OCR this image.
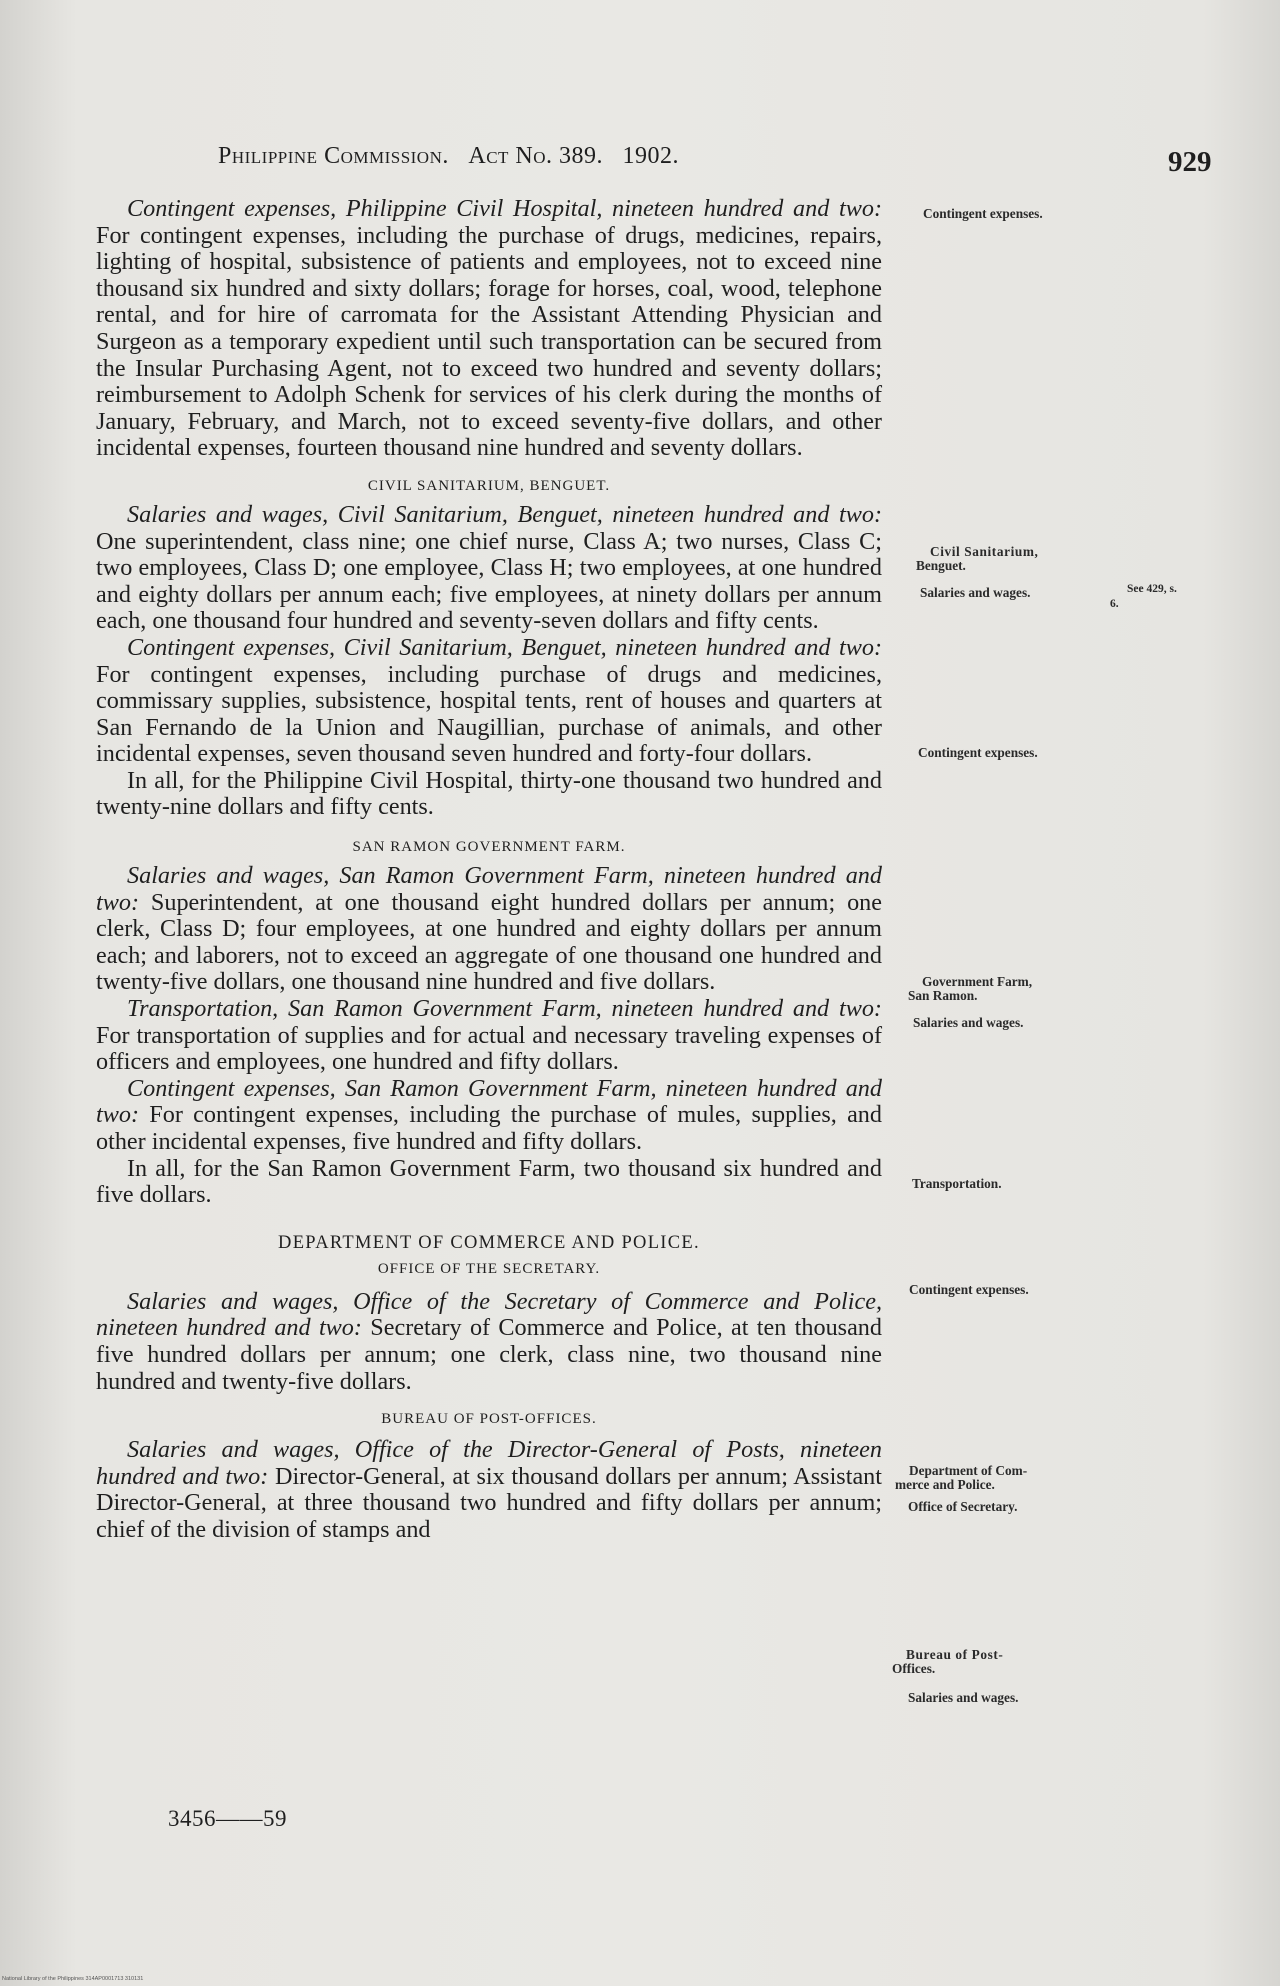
Philippine Commission. Act No. 389. 1902.	929

Contingent expenses, Philippine Civil Hospital, nineteen hundred and two: For contingent expenses, including the purchase of drugs, medicines, repairs, lighting of hospital, subsistence of patients and employees, not to exceed nine thousand six hundred and sixty dollars; forage for horses, coal, wood, telephone rental, and for hire of carromata for the Assistant Attending Physician and Surgeon as a temporary expedient until such transportation can be secured from the Insular Purchasing Agent, not to exceed two hundred and seventy dollars; reimbursement to Adolph Schenk for services of his clerk during the months of January, February, and March, not to exceed seventy-five dollars, and other incidental expenses, fourteen thousand nine hundred and seventy dollars.

CIVIL SANITARIUM, BENGUET.

Salaries and wages, Civil Sanitarium, Benguet, nineteen hundred and two: One superintendent, class nine; one chief nurse, Class A; two nurses, Class C; two employees, Class D; one employee, Class H; two employees, at one hundred and eighty dollars per annum each; five employees, at ninety dollars per annum each, one thousand four hundred and seventy-seven dollars and fifty cents.

Contingent expenses, Civil Sanitarium, Benguet, nineteen hundred and two: For contingent expenses, including purchase of drugs and medicines, commissary supplies, subsistence, hospital tents, rent of houses and quarters at San Fernando de la Union and Naugillian, purchase of animals, and other incidental expenses, seven thousand seven hundred and forty-four dollars.

In all, for the Philippine Civil Hospital, thirty-one thousand two hundred and twenty-nine dollars and fifty cents.

SAN RAMON GOVERNMENT FARM.

Salaries and wages, San Ramon Government Farm, nineteen hundred and two: Superintendent, at one thousand eight hundred dollars per annum; one clerk, Class D; four employees, at one hundred and eighty dollars per annum each; and laborers, not to exceed an aggregate of one thousand one hundred and twenty-five dollars, one thousand nine hundred and five dollars.

Transportation, San Ramon Government Farm, nineteen hundred and two: For transportation of supplies and for actual and necessary traveling expenses of officers and employees, one hundred and fifty dollars.

Contingent expenses, San Ramon Government Farm, nineteen hundred and two: For contingent expenses, including the purchase of mules, supplies, and other incidental expenses, five hundred and fifty dollars.

In all, for the San Ramon Government Farm, two thousand six hundred and five dollars.

DEPARTMENT OF COMMERCE AND POLICE.
OFFICE OF THE SECRETARY.

Salaries and wages, Office of the Secretary of Commerce and Police, nineteen hundred and two: Secretary of Commerce and Police, at ten thousand five hundred dollars per annum; one clerk, class nine, two thousand nine hundred and twenty-five dollars.

BUREAU OF POST-OFFICES.

Salaries and wages, Office of the Director-General of Posts, nineteen hundred and two: Director-General, at six thousand dollars per annum; Assistant Director-General, at three thousand two hundred and fifty dollars per annum; chief of the division of stamps and

Contingent expenses.
Civil Sanitarium,
Benguet.
Salaries and wages.	See 429, s.
6.
Contingent expenses.
Government Farm,
San Ramon.
Salaries and wages.
Transportation.
Contingent expenses.
Department of Com-
merce and Police.
Office of Secretary.
Bureau of Post-
Offices.
Salaries and wages.
3456——59
National Library of the Philippines 314AP0001713 310131
